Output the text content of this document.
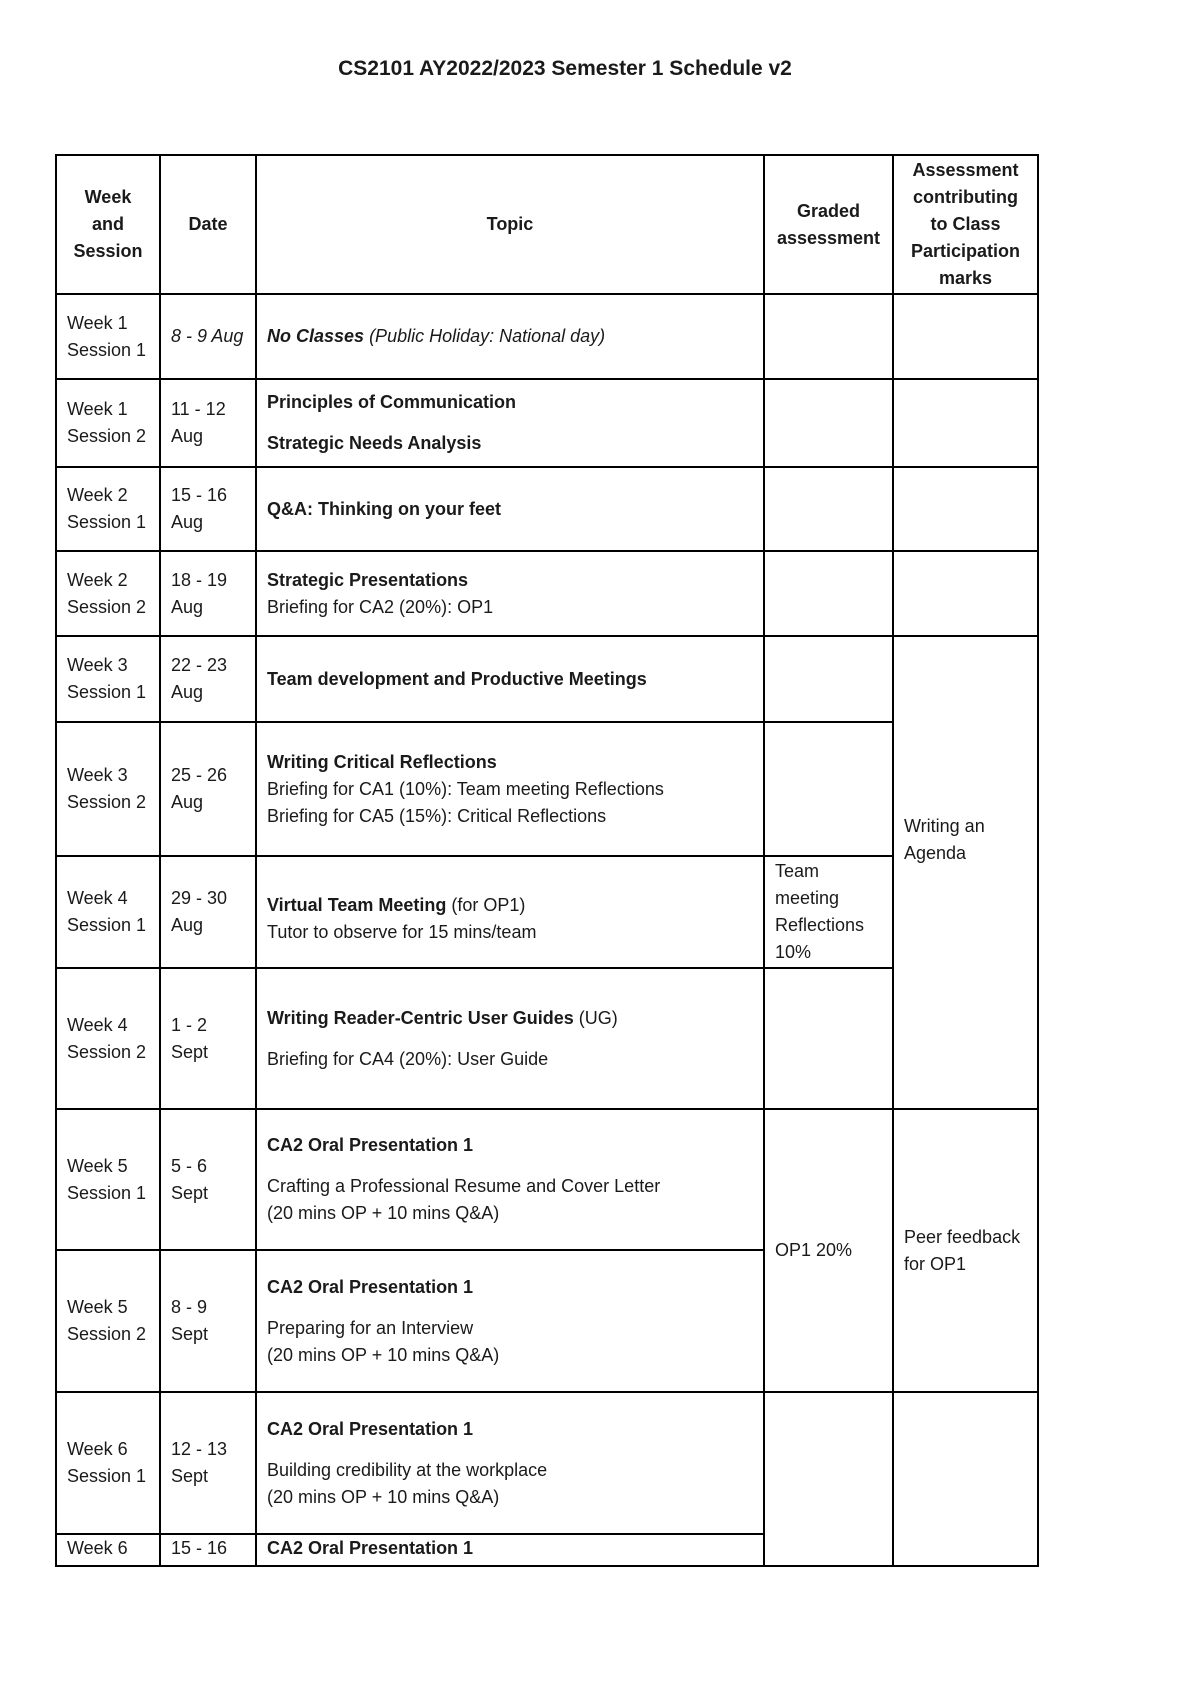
CS2101 AY2022/2023 Semester 1 Schedule v2
Week and Session	Date	Topic	Graded assessment	Assessment contributing to Class Participation marks
Week 1 Session 1	8 - 9 Aug	No Classes (Public Holiday: National day)		
Week 1 Session 2	11 - 12 Aug	Principles of Communication
Strategic Needs Analysis		

Week 2 Session 1	15 - 16 Aug	Q&A: Thinking on your feet		

Week 2 Session 2	18 - 19 Aug	Strategic Presentations
Briefing for CA2 (20%): OP1		

Week 3 Session 1	22 - 23 Aug	Team development and Productive Meetings		Writing an Agenda

Week 3 Session 2	25 - 26 Aug	Writing Critical Reflections
Briefing for CA1 (10%): Team meeting Reflections
Briefing for CA5 (15%): Critical Reflections		

Week 4 Session 1	29 - 30 Aug	Virtual Team Meeting (for OP1)
Tutor to observe for 15 mins/team	Team meeting Reflections 10%	
Week 4 Session 2	1 - 2 Sept	Writing Reader-Centric User Guides (UG)
Briefing for CA4 (20%): User Guide		

Week 5 Session 1	5 - 6 Sept	CA2 Oral Presentation 1
Crafting a Professional Resume and Cover Letter
(20 mins OP + 10 mins Q&A)	OP1 20%	Peer feedback for OP1

Week 5 Session 2	8 - 9 Sept	CA2 Oral Presentation 1
Preparing for an Interview
(20 mins OP + 10 mins Q&A)		

Week 6 Session 1	12 - 13 Sept	CA2 Oral Presentation 1
Building credibility at the workplace
(20 mins OP + 10 mins Q&A)		

Week 6	15 - 16	CA2 Oral Presentation 1		
